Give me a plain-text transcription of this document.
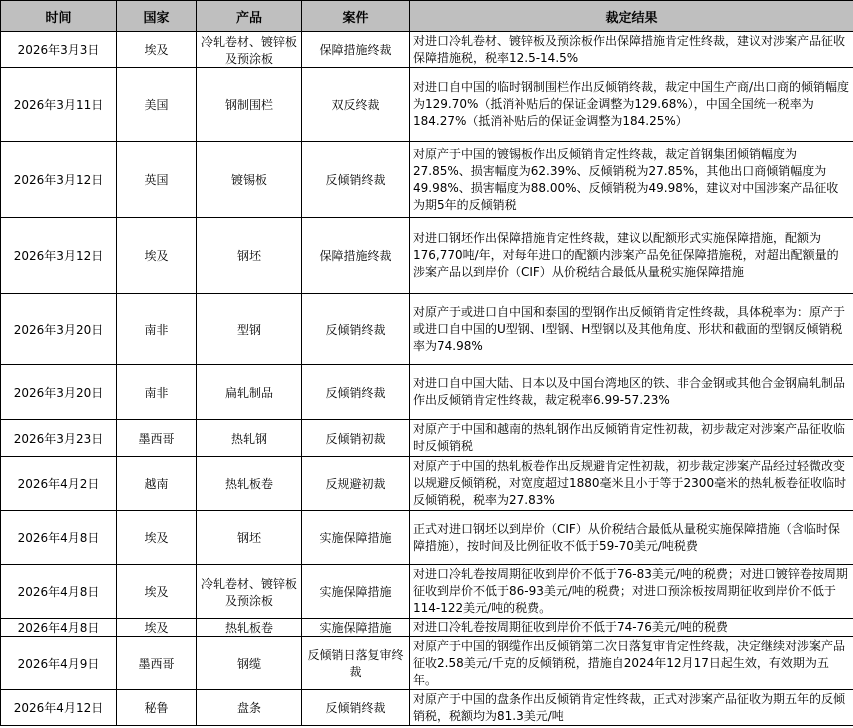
时间	国家	产品	案件	裁定结果
2026年3月3日	埃及	冷轧卷材、镀锌板及预涂板	保障措施终裁	对进口冷轧卷材、镀锌板及预涂板作出保障措施肯定性终裁，建议对涉案产品征收保障措施税，税率12.5-14.5%
2026年3月11日	美国	钢制围栏	双反终裁	对进口自中国的临时钢制围栏作出反倾销终裁，裁定中国生产商/出口商的倾销幅度为129.70%（抵消补贴后的保证金调整为129.68%），中国全国统一税率为184.27%（抵消补贴后的保证金调整为184.25%）
2026年3月12日	英国	镀锡板	反倾销终裁	对原产于中国的镀锡板作出反倾销肯定性终裁，裁定首钢集团倾销幅度为27.85%、损害幅度为62.39%、反倾销税为27.85%，其他出口商倾销幅度为49.98%、损害幅度为88.00%、反倾销税为49.98%，建议对中国涉案产品征收为期5年的反倾销税
2026年3月12日	埃及	钢坯	保障措施终裁	对进口钢坯作出保障措施肯定性终裁，建议以配额形式实施保障措施，配额为176,770吨/年，对每年进口的配额内涉案产品免征保障措施税，对超出配额量的涉案产品以到岸价（CIF）从价税结合最低从量税实施保障措施
2026年3月20日	南非	型钢	反倾销终裁	对原产于或进口自中国和泰国的型钢作出反倾销肯定性终裁，具体税率为：原产于或进口自中国的U型钢、I型钢、H型钢以及其他角度、形状和截面的型钢反倾销税率为74.98%
2026年3月20日	南非	扁轧制品	反倾销终裁	对进口自中国大陆、日本以及中国台湾地区的铁、非合金钢或其他合金钢扁轧制品作出反倾销肯定性终裁，裁定税率6.99-57.23%
2026年3月23日	墨西哥	热轧钢	反倾销初裁	对原产于中国和越南的热轧钢作出反倾销肯定性初裁，初步裁定对涉案产品征收临时反倾销税
2026年4月2日	越南	热轧板卷	反规避初裁	对原产于中国的热轧板卷作出反规避肯定性初裁，初步裁定涉案产品经过轻微改变以规避反倾销税，对宽度超过1880毫米且小于等于2300毫米的热轧板卷征收临时反倾销税，税率为27.83%
2026年4月8日	埃及	钢坯	实施保障措施	正式对进口钢坯以到岸价（CIF）从价税结合最低从量税实施保障措施（含临时保障措施），按时间及比例征收不低于59-70美元/吨税费
2026年4月8日	埃及	冷轧卷材、镀锌板及预涂板	实施保障措施	对进口冷轧卷按周期征收到岸价不低于76-83美元/吨的税费；对进口镀锌卷按周期征收到岸价不低于86-93美元/吨的税费；对进口预涂板按周期征收到岸价不低于114-122美元/吨的税费。
2026年4月8日	埃及	热轧板卷	实施保障措施	对进口冷轧卷按周期征收到岸价不低于74-76美元/吨的税费
2026年4月9日	墨西哥	钢缆	反倾销日落复审终裁	对原产于中国的钢缆作出反倾销第二次日落复审肯定性终裁，决定继续对涉案产品征收2.58美元/千克的反倾销税，措施自2024年12月17日起生效，有效期为五年。
2026年4月12日	秘鲁	盘条	反倾销终裁	对原产于中国的盘条作出反倾销肯定性终裁，正式对涉案产品征收为期五年的反倾销税，税额均为81.3美元/吨
